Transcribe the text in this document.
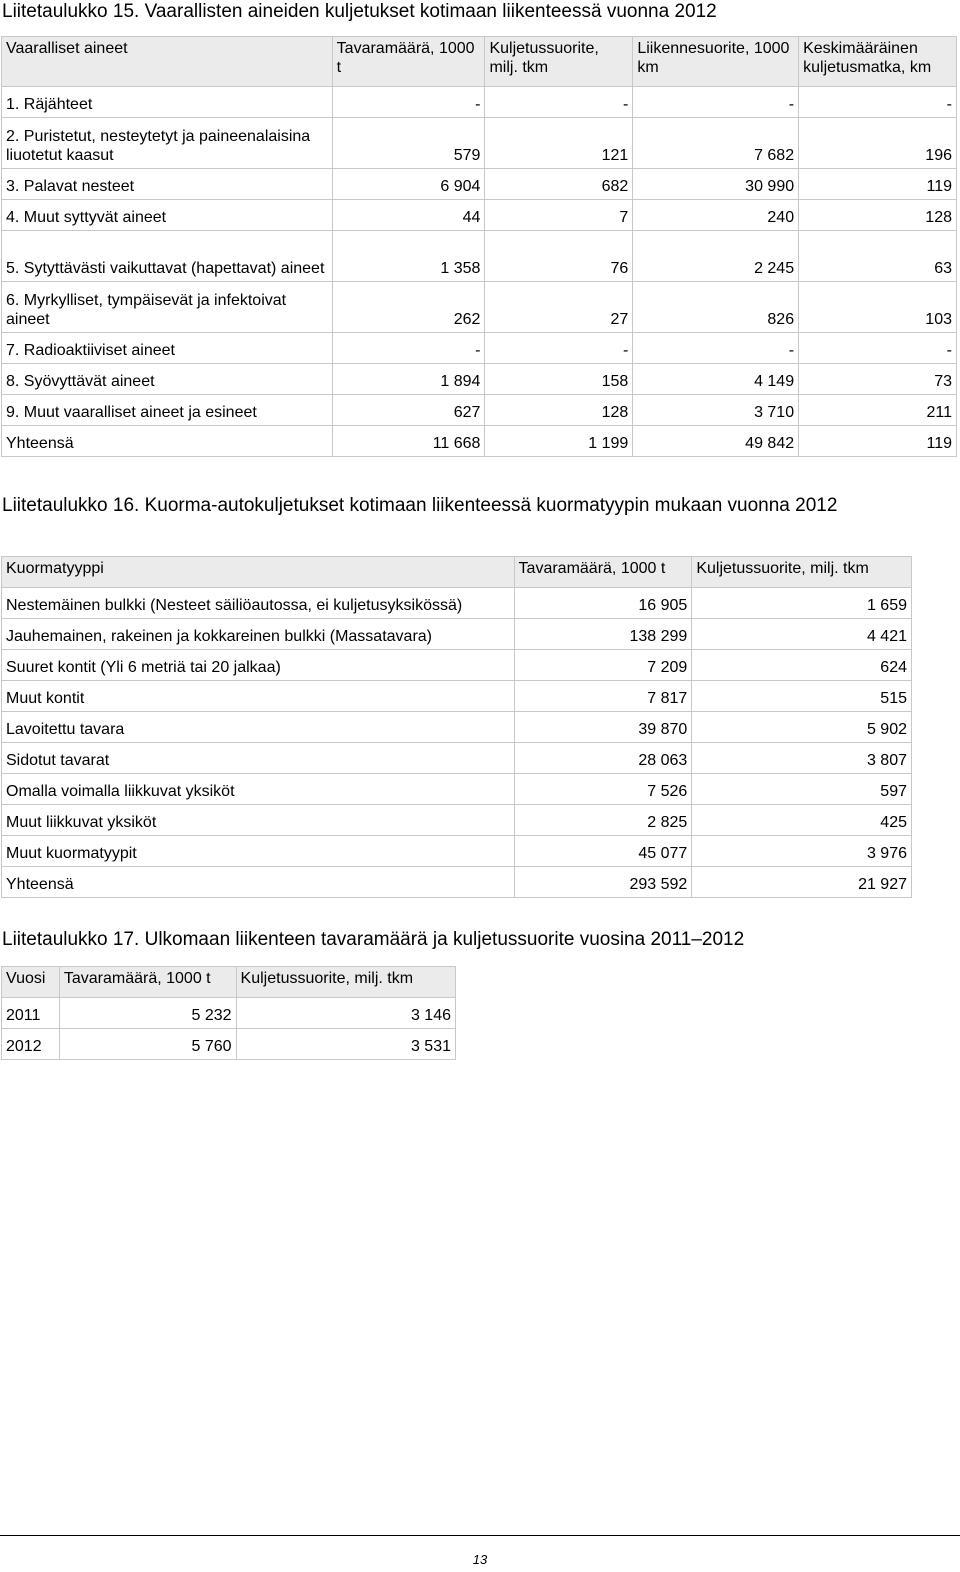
Liitetaulukko 15. Vaarallisten aineiden kuljetukset kotimaan liikenteessä vuonna 2012
Vaaralliset aineet	Tavaramäärä, 1000 t	Kuljetussuorite, milj. tkm	Liikennesuorite, 1000 km	Keskimääräinen kuljetusmatka, km
1. Räjähteet	-	-	-	-
2. Puristetut, nesteytetyt ja paineenalaisina liuotetut kaasut	579	121	7 682	196
3. Palavat nesteet	6 904	682	30 990	119
4. Muut syttyvät aineet	44	7	240	128
5. Sytyttävästi vaikuttavat (hapettavat) aineet	1 358	76	2 245	63
6. Myrkylliset, tympäisevät ja infektoivat aineet	262	27	826	103
7. Radioaktiiviset aineet	-	-	-	-
8. Syövyttävät aineet	1 894	158	4 149	73
9. Muut vaaralliset aineet ja esineet	627	128	3 710	211
Yhteensä	11 668	1 199	49 842	119
Liitetaulukko 16. Kuorma-autokuljetukset kotimaan liikenteessä kuormatyypin mukaan vuonna 2012
Kuormatyyppi	Tavaramäärä, 1000 t	Kuljetussuorite, milj. tkm
Nestemäinen bulkki (Nesteet säiliöautossa, ei kuljetusyksikössä)	16 905	1 659
Jauhemainen, rakeinen ja kokkareinen bulkki (Massatavara)	138 299	4 421
Suuret kontit (Yli 6 metriä tai 20 jalkaa)	7 209	624
Muut kontit	7 817	515
Lavoitettu tavara	39 870	5 902
Sidotut tavarat	28 063	3 807
Omalla voimalla liikkuvat yksiköt	7 526	597
Muut liikkuvat yksiköt	2 825	425
Muut kuormatyypit	45 077	3 976
Yhteensä	293 592	21 927
Liitetaulukko 17. Ulkomaan liikenteen tavaramäärä ja kuljetussuorite vuosina 2011–2012
Vuosi	Tavaramäärä, 1000 t	Kuljetussuorite, milj. tkm
2011	5 232	3 146
2012	5 760	3 531
13
